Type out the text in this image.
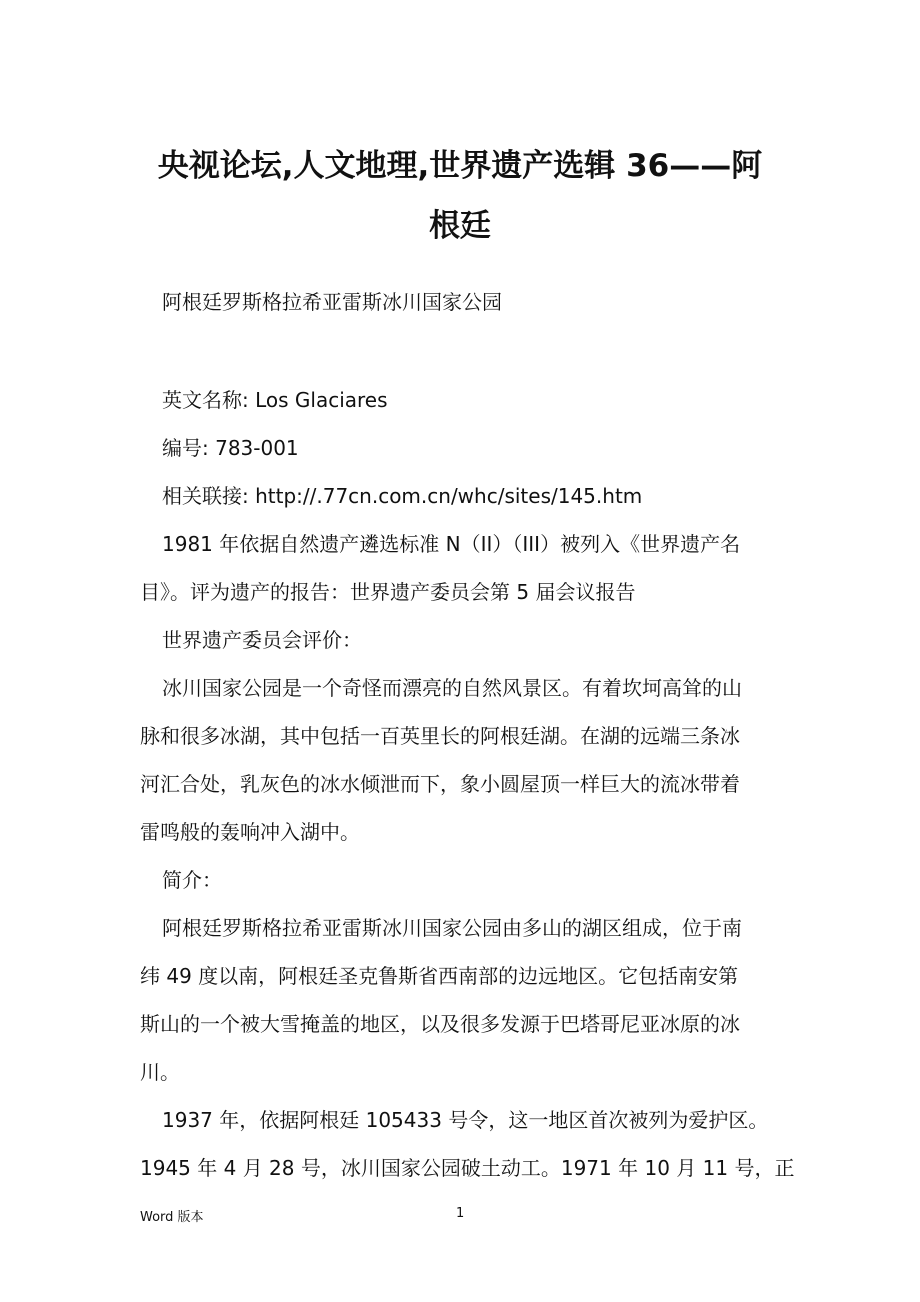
央视论坛,人文地理,世界遗产选辑 36——阿
根廷
阿根廷罗斯格拉希亚雷斯冰川国家公园
英文名称: Los Glaciares
编号: 783-001
相关联接: http://.77cn.com.cn/whc/sites/145.htm
1981 年依据自然遗产遴选标准 N（II）（III）被列入《世界遗产名
目》。评为遗产的报告：世界遗产委员会第 5 届会议报告
世界遗产委员会评价：
冰川国家公园是一个奇怪而漂亮的自然风景区。有着坎坷高耸的山
脉和很多冰湖，其中包括一百英里长的阿根廷湖。在湖的远端三条冰
河汇合处，乳灰色的冰水倾泄而下，象小圆屋顶一样巨大的流冰带着
雷鸣般的轰响冲入湖中。
简介：
阿根廷罗斯格拉希亚雷斯冰川国家公园由多山的湖区组成，位于南
纬 49 度以南，阿根廷圣克鲁斯省西南部的边远地区。它包括南安第
斯山的一个被大雪掩盖的地区，以及很多发源于巴塔哥尼亚冰原的冰
川。
1937 年，依据阿根廷 105433 号令，这一地区首次被列为爱护区。
1945 年 4 月 28 号，冰川国家公园破土动工。1971 年 10 月 11 号，正
Word 版本	1
